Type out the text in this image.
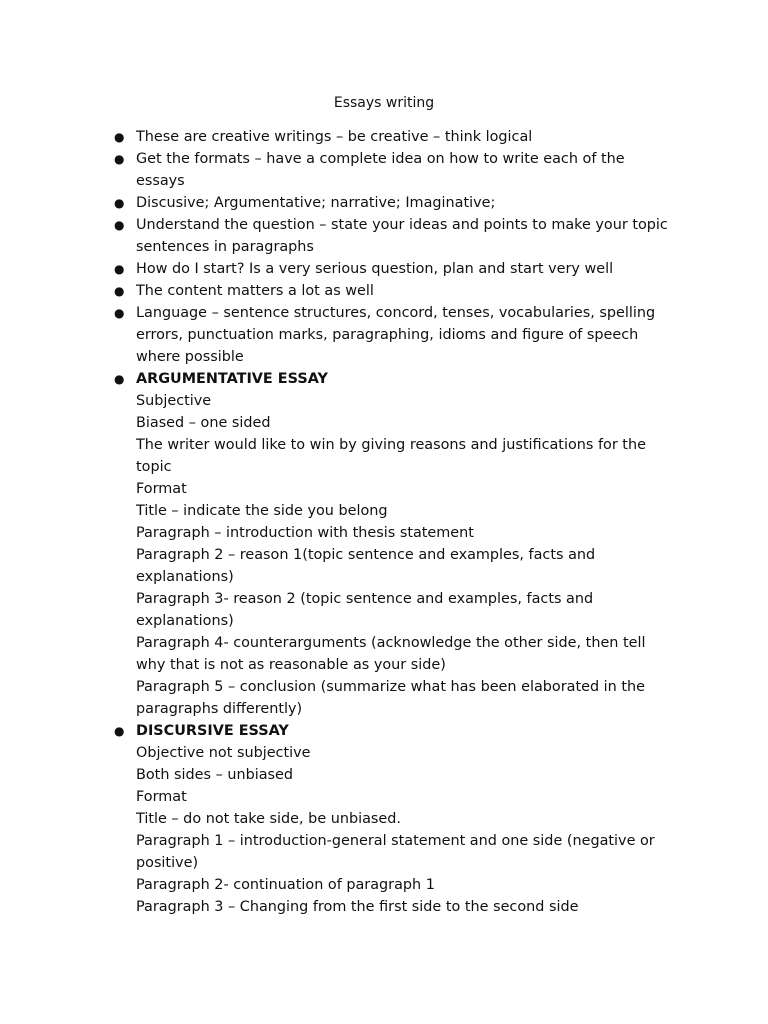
Essays writing
● These are creative writings – be creative – think logical
● Get the formats – have a complete idea on how to write each of the essays
● Discusive; Argumentative; narrative; Imaginative;
● Understand the question – state your ideas and points to make your topic sentences in paragraphs
● How do I start? Is a very serious question, plan and start very well
● The content matters a lot as well
● Language – sentence structures, concord, tenses, vocabularies, spelling errors, punctuation marks, paragraphing, idioms and figure of speech where possible
● ARGUMENTATIVE ESSAY
Subjective
Biased – one sided
The writer would like to win by giving reasons and justifications for the topic
Format
Title – indicate the side you belong
Paragraph – introduction with thesis statement
Paragraph 2 – reason 1(topic sentence and examples, facts and explanations)
Paragraph 3- reason 2 (topic sentence and examples, facts and explanations)
Paragraph 4- counterarguments (acknowledge the other side, then tell why that is not as reasonable as your side)
Paragraph 5 – conclusion (summarize what has been elaborated in the paragraphs differently)
● DISCURSIVE ESSAY
Objective not subjective
Both sides – unbiased
Format
Title – do not take side, be unbiased.
Paragraph 1 – introduction-general statement and one side (negative or positive)
Paragraph 2- continuation of paragraph 1
Paragraph 3 – Changing from the first side to the second side
